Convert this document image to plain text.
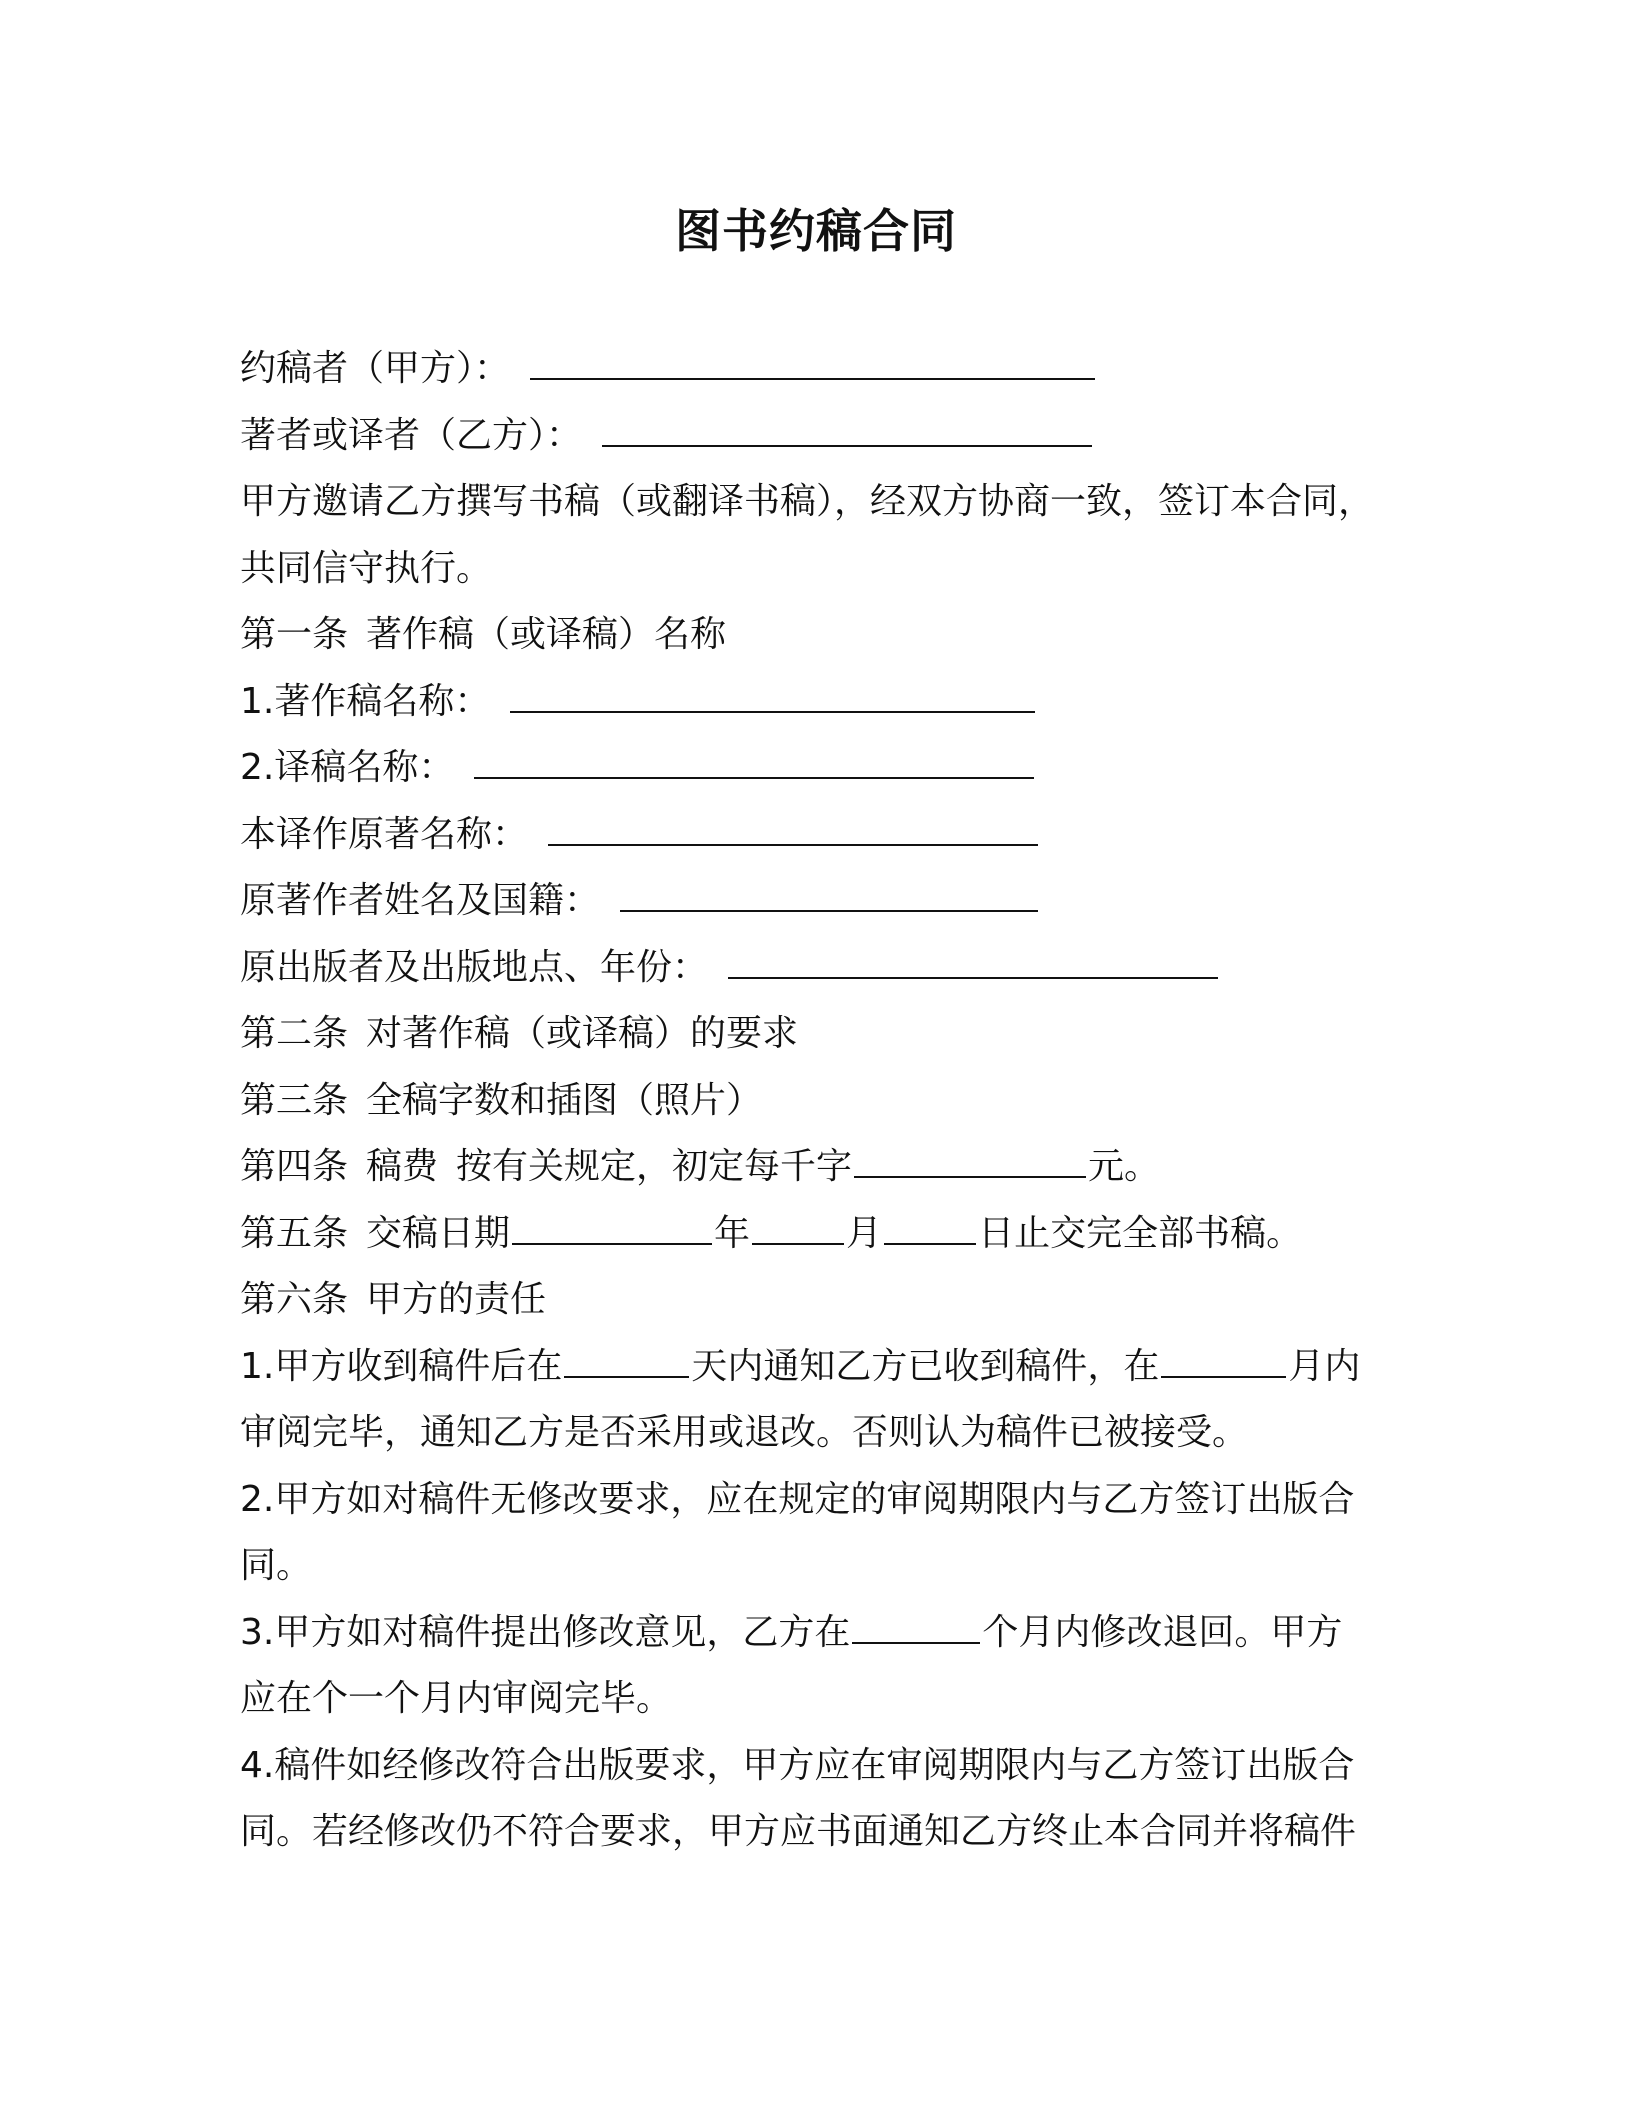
图书约稿合同
约稿者（甲方）：
著者或译者（乙方）：
甲方邀请乙方撰写书稿（或翻译书稿），经双方协商一致，签订本合同，
共同信守执行。
第一条 著作稿（或译稿）名称
1.著作稿名称：
2.译稿名称：
本译作原著名称：
原著作者姓名及国籍：
原出版者及出版地点、年份：
第二条 对著作稿（或译稿）的要求
第三条 全稿字数和插图（照片）
第四条 稿费 按有关规定，初定每千字	元。
第五条 交稿日期	年	月	日止交完全部书稿。
第六条 甲方的责任
1.甲方收到稿件后在	天内通知乙方已收到稿件，在	月内
审阅完毕，通知乙方是否采用或退改。否则认为稿件已被接受。
2.甲方如对稿件无修改要求，应在规定的审阅期限内与乙方签订出版合
同。
3.甲方如对稿件提出修改意见，乙方在	个月内修改退回。甲方
应在个一个月内审阅完毕。
4.稿件如经修改符合出版要求，甲方应在审阅期限内与乙方签订出版合
同。若经修改仍不符合要求，甲方应书面通知乙方终止本合同并将稿件
